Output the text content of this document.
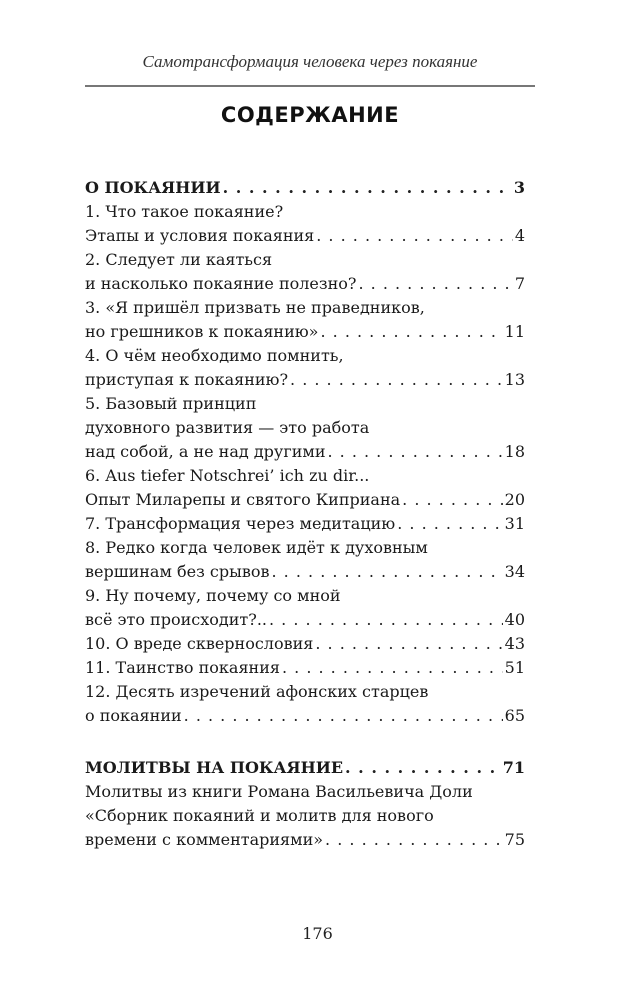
Самотрансформация человека через покаяние
СОДЕРЖАНИЕ
О ПОКАЯНИИ . . .	3
1. Что такое покаяние?
Этапы и условия покаяния . . .	4
2. Следует ли каяться
и насколько покаяние полезно? . . .	7
3. «Я пришёл призвать не праведников,
но грешников к покаянию» . . .	11
4. О чём необходимо помнить,
приступая к покаянию? . . .	13
5. Базовый принцип
духовного развития — это работа
над собой, а не над другими . . .	18
6. Aus tiefer Notschrei’ ich zu dir...
Опыт Миларепы и святого Киприана . . .	20
7. Трансформация через медитацию . . .	31
8. Редко когда человек идёт к духовным
вершинам без срывов . . .	34
9. Ну почему, почему со мной
всё это происходит?.. . . .	40
10. О вреде сквернословия . . .	43
11. Таинство покаяния . . .	51
12. Десять изречений афонских старцев
о покаянии . . .	65
МОЛИТВЫ НА ПОКАЯНИЕ . . .	71
Молитвы из книги Романа Васильевича Доли
«Сборник покаяний и молитв для нового
времени с комментариями» . . .	75
176
